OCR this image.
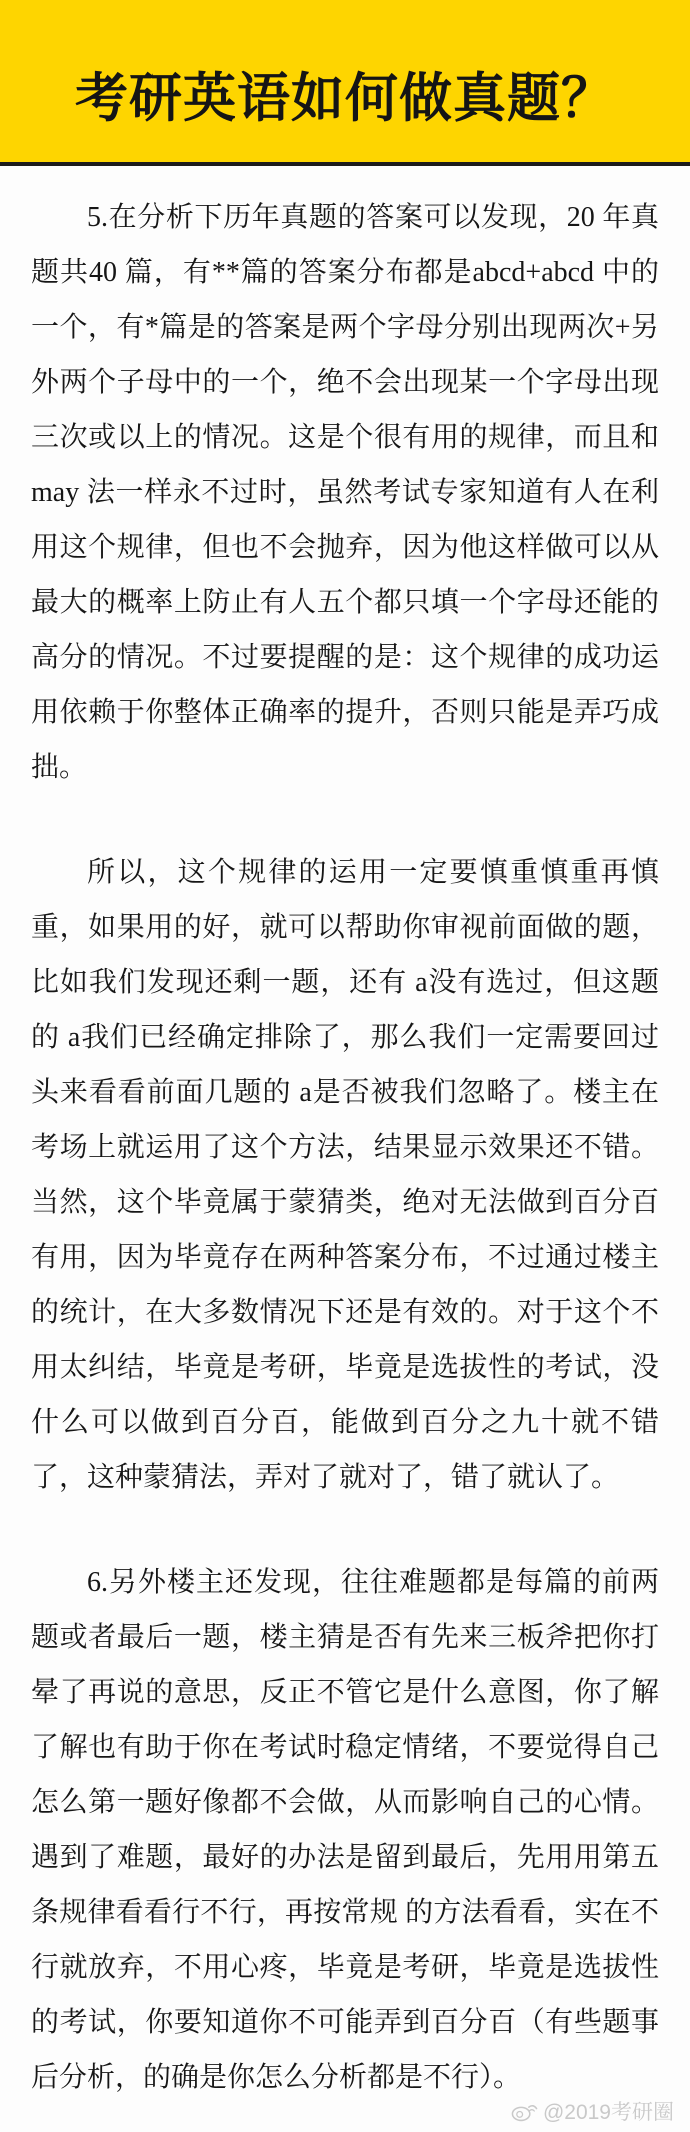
考研英语如何做真题？

5.在分析下历年真题的答案可以发现，20 年真题共40 篇，有**篇的答案分布都是abcd+abcd 中的一个，有*篇是的答案是两个字母分别出现两次+另外两个子母中的一个，绝不会出现某一个字母出现三次或以上的情况。这是个很有用的规律，而且和 may 法一样永不过时，虽然考试专家知道有人在利用这个规律，但也不会抛弃，因为他这样做可以从最大的概率上防止有人五个都只填一个字母还能的高分的情况。不过要提醒的是：这个规律的成功运用依赖于你整体正确率的提升，否则只能是弄巧成拙。

所以，这个规律的运用一定要慎重慎重再慎重，如果用的好，就可以帮助你审视前面做的题，比如我们发现还剩一题，还有 a没有选过，但这题的 a我们已经确定排除了，那么我们一定需要回过头来看看前面几题的 a是否被我们忽略了。楼主在考场上就运用了这个方法，结果显示效果还不错。当然，这个毕竟属于蒙猜类，绝对无法做到百分百有用，因为毕竟存在两种答案分布，不过通过楼主的统计，在大多数情况下还是有效的。对于这个不用太纠结，毕竟是考研，毕竟是选拔性的考试，没什么可以做到百分百，能做到百分之九十就不错了，这种蒙猜法，弄对了就对了，错了就认了。

6.另外楼主还发现，往往难题都是每篇的前两题或者最后一题，楼主猜是否有先来三板斧把你打晕了再说的意思，反正不管它是什么意图，你了解了解也有助于你在考试时稳定情绪，不要觉得自己怎么第一题好像都不会做，从而影响自己的心情。遇到了难题，最好的办法是留到最后，先用用第五条规律看看行不行，再按常规 的方法看看，实在不行就放弃，不用心疼，毕竟是考研，毕竟是选拔性的考试，你要知道你不可能弄到百分百（有些题事后分析，的确是你怎么分析都是不行）。

@2019考研圈
